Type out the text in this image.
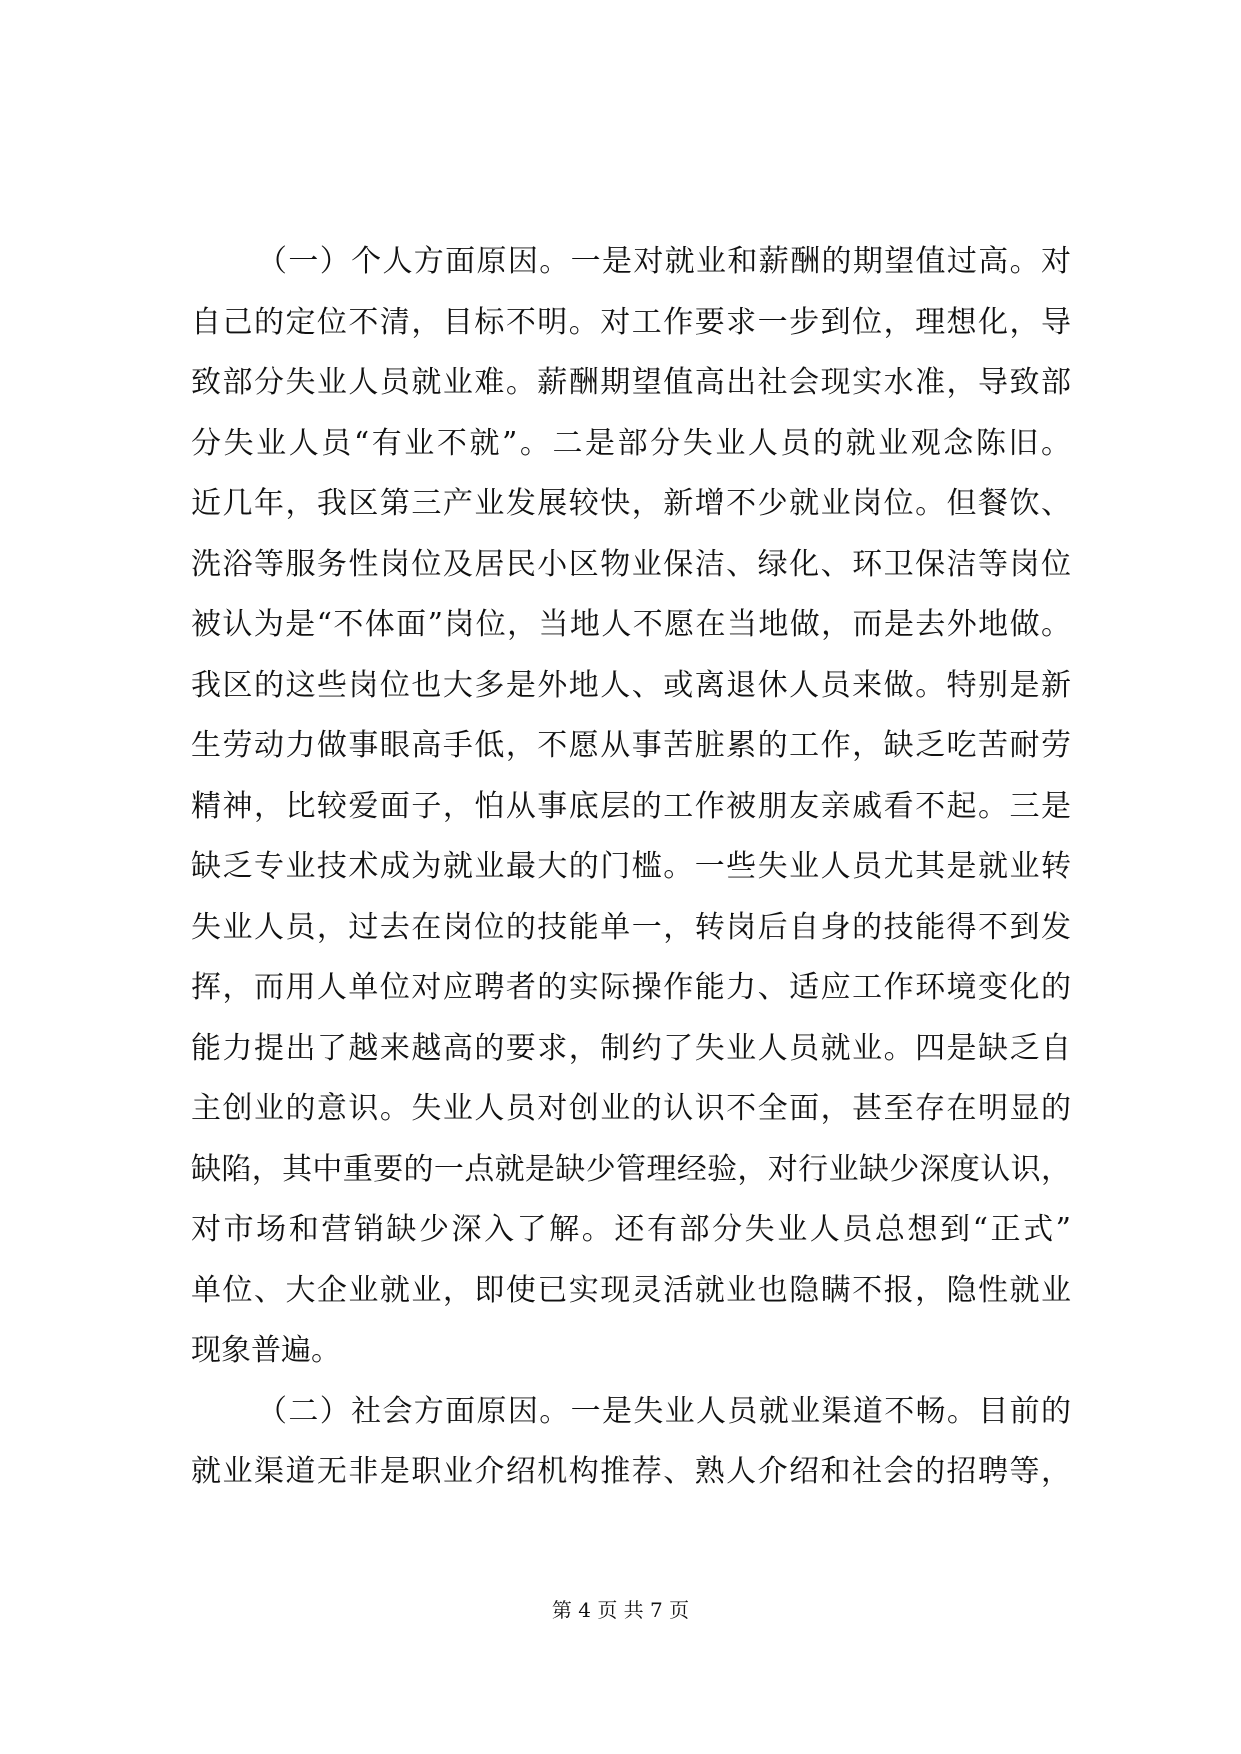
（一）个人方面原因。一是对就业和薪酬的期望值过高。对
自己的定位不清，目标不明。对工作要求一步到位，理想化，导
致部分失业人员就业难。薪酬期望值高出社会现实水准，导致部
分失业人员“有业不就”。二是部分失业人员的就业观念陈旧。
近几年，我区第三产业发展较快，新增不少就业岗位。但餐饮、
洗浴等服务性岗位及居民小区物业保洁、绿化、环卫保洁等岗位
被认为是“不体面”岗位，当地人不愿在当地做，而是去外地做。
我区的这些岗位也大多是外地人、或离退休人员来做。特别是新
生劳动力做事眼高手低，不愿从事苦脏累的工作，缺乏吃苦耐劳
精神，比较爱面子，怕从事底层的工作被朋友亲戚看不起。三是
缺乏专业技术成为就业最大的门槛。一些失业人员尤其是就业转
失业人员，过去在岗位的技能单一，转岗后自身的技能得不到发
挥，而用人单位对应聘者的实际操作能力、适应工作环境变化的
能力提出了越来越高的要求，制约了失业人员就业。四是缺乏自
主创业的意识。失业人员对创业的认识不全面，甚至存在明显的
缺陷，其中重要的一点就是缺少管理经验，对行业缺少深度认识，
对市场和营销缺少深入了解。还有部分失业人员总想到“正式”
单位、大企业就业，即使已实现灵活就业也隐瞒不报，隐性就业
现象普遍。
（二）社会方面原因。一是失业人员就业渠道不畅。目前的
就业渠道无非是职业介绍机构推荐、熟人介绍和社会的招聘等，
第 4 页 共 7 页
